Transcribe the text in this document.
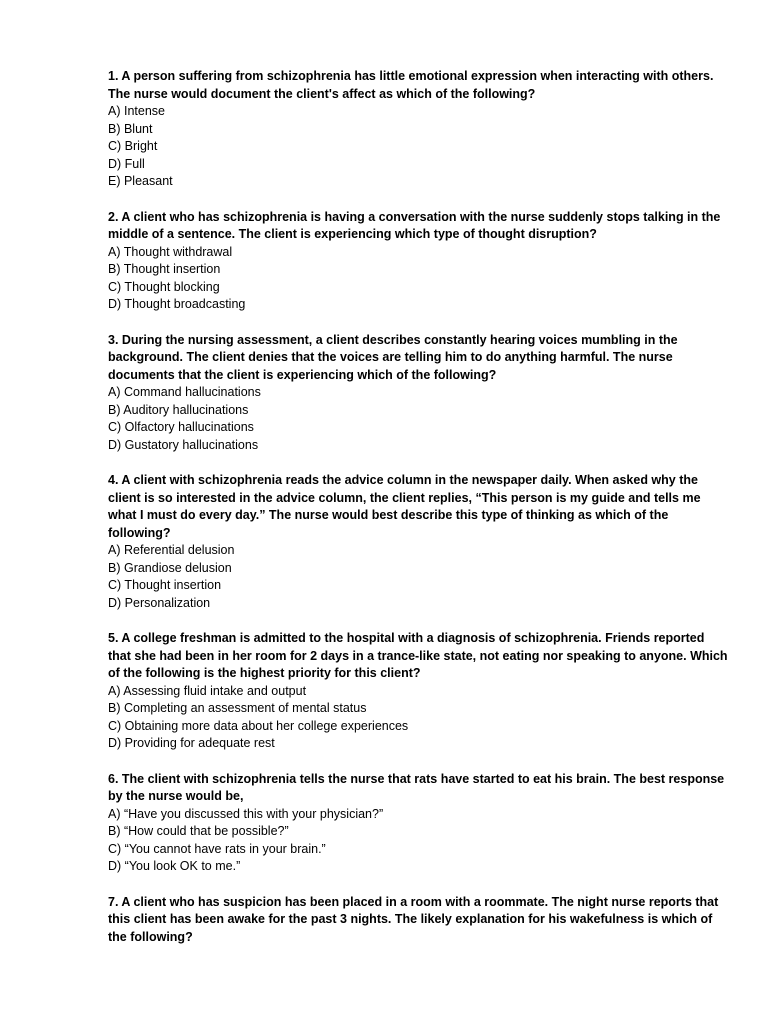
1. A person suffering from schizophrenia has little emotional expression when interacting with others. The nurse would document the client's affect as which of the following?

A) Intense
B) Blunt
C) Bright
D) Full
E) Pleasant

2. A client who has schizophrenia is having a conversation with the nurse suddenly stops talking in the middle of a sentence. The client is experiencing which type of thought disruption?

A) Thought withdrawal
B) Thought insertion
C) Thought blocking
D) Thought broadcasting

3. During the nursing assessment, a client describes constantly hearing voices mumbling in the background. The client denies that the voices are telling him to do anything harmful. The nurse documents that the client is experiencing which of the following?

A) Command hallucinations
B) Auditory hallucinations
C) Olfactory hallucinations
D) Gustatory hallucinations

4. A client with schizophrenia reads the advice column in the newspaper daily. When asked why the client is so interested in the advice column, the client replies, “This person is my guide and tells me what I must do every day.” The nurse would best describe this type of thinking as which of the following?

A) Referential delusion
B) Grandiose delusion
C) Thought insertion
D) Personalization

5. A college freshman is admitted to the hospital with a diagnosis of schizophrenia. Friends reported that she had been in her room for 2 days in a trance-like state, not eating nor speaking to anyone. Which of the following is the highest priority for this client?

A) Assessing fluid intake and output
B) Completing an assessment of mental status
C) Obtaining more data about her college experiences
D) Providing for adequate rest

6. The client with schizophrenia tells the nurse that rats have started to eat his brain. The best response by the nurse would be,

A) “Have you discussed this with your physician?”
B) “How could that be possible?”
C) “You cannot have rats in your brain.”
D) “You look OK to me.”

7. A client who has suspicion has been placed in a room with a roommate. The night nurse reports that this client has been awake for the past 3 nights. The likely explanation for his wakefulness is which of the following?
